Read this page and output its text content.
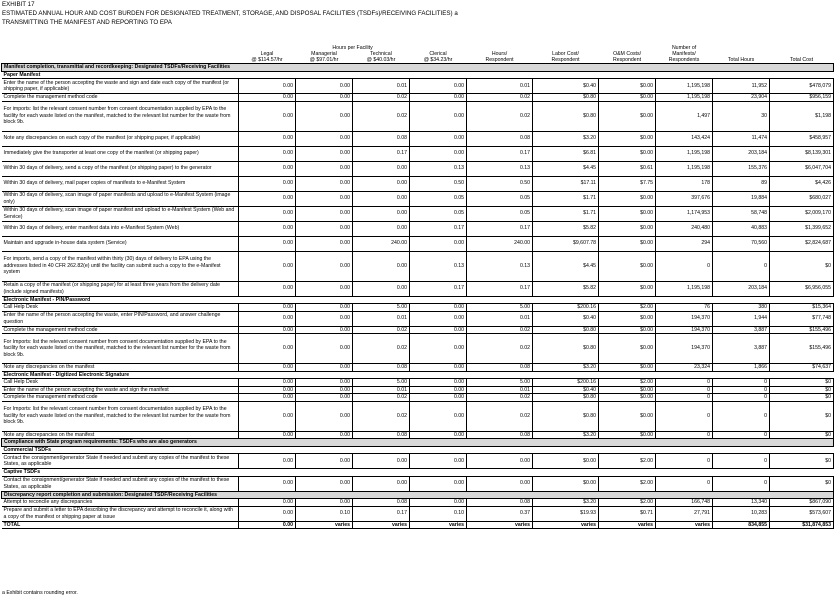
EXHIBIT 17
ESTIMATED ANNUAL HOUR AND COST BURDEN FOR DESIGNATED TREATMENT, STORAGE, AND DISPOSAL FACILITIES (TSDFs)/RECEIVING FACILITIES) a
TRANSMITTING THE MANIFEST AND REPORTING TO EPA
	Hours per Facility							Number of		
	Legal	Managerial	Technical	Clerical	Hours/	Labor Cost/	O&M Costs/	Manifests/		
	@ $114.57/hr	@ $97.01/hr	@ $40.03/hr	@ $34.23/hr	Respondent	Respondent	Respondent	Respondents	Total Hours	Total Cost
Manifest completion, transmittal and recordkeeping: Designated TSDFs/Receiving Facilities										
Paper Manifest										
Enter the name of the person accepting the waste and sign and date each copy of the manifest (or shipping paper, if applicable)	0.00	0.00	0.01	0.00	0.01	$0.40	$0.00	1,195,198	11,952	$478,079
Complete the management method code	0.00	0.00	0.02	0.00	0.02	$0.80	$0.00	1,195,198	23,904	$956,159
For imports: list the relevant consent number from consent documentation supplied by EPA to the facility for each waste listed on the manifest, matched to the relevant list number for the waste from block 9b.	0.00	0.00	0.02	0.00	0.02	$0.80	$0.00	1,497	30	$1,198
Note any discrepancies on each copy of the manifest (or shipping paper, if applicable)	0.00	0.00	0.08	0.00	0.08	$3.20	$0.00	143,424	11,474	$458,957
Immediately give the transporter at least one copy of the manifest (or shipping paper)	0.00	0.00	0.17	0.00	0.17	$6.81	$0.00	1,195,198	203,184	$8,139,301
Within 30 days of delivery, send a copy of the manifest (or shipping paper) to the generator	0.00	0.00	0.00	0.13	0.13	$4.45	$0.61	1,195,198	155,376	$6,047,704
Within 30 days of delivery, mail paper copies of manifests to e-Manifest System	0.00	0.00	0.00	0.50	0.50	$17.11	$7.75	178	89	$4,426
Within 30 days of delivery, scan image of paper manifests and upload to e-Manifest System (image only)	0.00	0.00	0.00	0.05	0.05	$1.71	$0.00	397,676	19,884	$680,027
Within 30 days of delivery, scan image of paper manifest and upload to e-Manifest System (Web and Service)	0.00	0.00	0.00	0.05	0.05	$1.71	$0.00	1,174,953	58,748	$2,009,170
Within 30 days of delivery, enter manifest data into e-Manifest System (Web)	0.00	0.00	0.00	0.17	0.17	$5.82	$0.00	240,480	40,883	$1,399,652
Maintain and upgrade in-house data system (Service)	0.00	0.00	240.00	0.00	240.00	$9,607.78	$0.00	294	70,560	$2,824,687
For imports, send a copy of the manifest within thirty (30) days of delivery to EPA using the addresses listed in 40 CFR 262.82(e) until the facility can submit such a copy to the e-Manifest system	0.00	0.00	0.00	0.13	0.13	$4.45	$0.00	0	0	$0
Retain a copy of the manifest (or shipping paper) for at least three years from the delivery date (include signed manifests)	0.00	0.00	0.00	0.17	0.17	$5.82	$0.00	1,195,198	203,184	$6,956,055
Electronic Manifest - PIN/Password										
Call Help Desk	0.00	0.00	5.00	0.00	5.00	$200.16	$2.00	76	380	$15,364
Enter the name of the person accepting the waste, enter PIN/Password, and answer challenge question	0.00	0.00	0.01	0.00	0.01	$0.40	$0.00	194,370	1,944	$77,748
Complete the management method code	0.00	0.00	0.02	0.00	0.02	$0.80	$0.00	194,370	3,887	$155,496
For Imports: list the relevant consent number from consent documentation supplied by EPA to the facility for each waste listed on the manifest, matched to the relevant list number for the waste from block 9b.	0.00	0.00	0.02	0.00	0.02	$0.80	$0.00	194,370	3,887	$155,496
Note any discrepancies on the manifest	0.00	0.00	0.08	0.00	0.08	$3.20	$0.00	23,324	1,866	$74,637
Electronic Manifest - Digitized Electronic Signature										
Call Help Desk	0.00	0.00	5.00	0.00	5.00	$200.16	$2.00	0	0	$0
Enter the name of the person accepting the waste and sign the manifest	0.00	0.00	0.01	0.00	0.01	$0.40	$0.00	0	0	$0
Complete the management method code	0.00	0.00	0.02	0.00	0.02	$0.80	$0.00	0	0	$0
For Imports: list the relevant consent number from consent documentation supplied by EPA to the facility for each waste listed on the manifest, matched to the relevant list number for the waste from block 9b.	0.00	0.00	0.02	0.00	0.02	$0.80	$0.00	0	0	$0
Note any discrepancies on the manifest	0.00	0.00	0.08	0.00	0.08	$3.20	$0.00	0	0	$0
Compliance with State program requirements: TSDFs who are also generators										
Commercial TSDFs										
Contact the consignment/generator State if needed and submit any copies of the manifest to these States, as applicable	0.00	0.00	0.00	0.00	0.00	$0.00	$2.00	0	0	$0
Captive TSDFs										
Contact the consignment/generator State if needed and submit any copies of the manifest to these States, as applicable	0.00	0.00	0.00	0.00	0.00	$0.00	$2.00	0	0	$0
Discrepancy report completion and submission: Designated TSDF/Receiving Facilities										
Attempt to reconcile any discrepancies	0.00	0.00	0.08	0.00	0.08	$3.20	$2.00	166,748	13,340	$867,090
Prepare and submit a letter to EPA describing the discrepancy and attempt to reconcile it, along with a copy of the manifest or shipping paper at issue	0.00	0.10	0.17	0.10	0.37	$19.93	$0.71	27,791	10,283	$573,607
TOTAL	0.00	varies	varies	varies	varies	varies	varies	varies	834,855	$31,874,853
a Exhibit contains rounding error.
